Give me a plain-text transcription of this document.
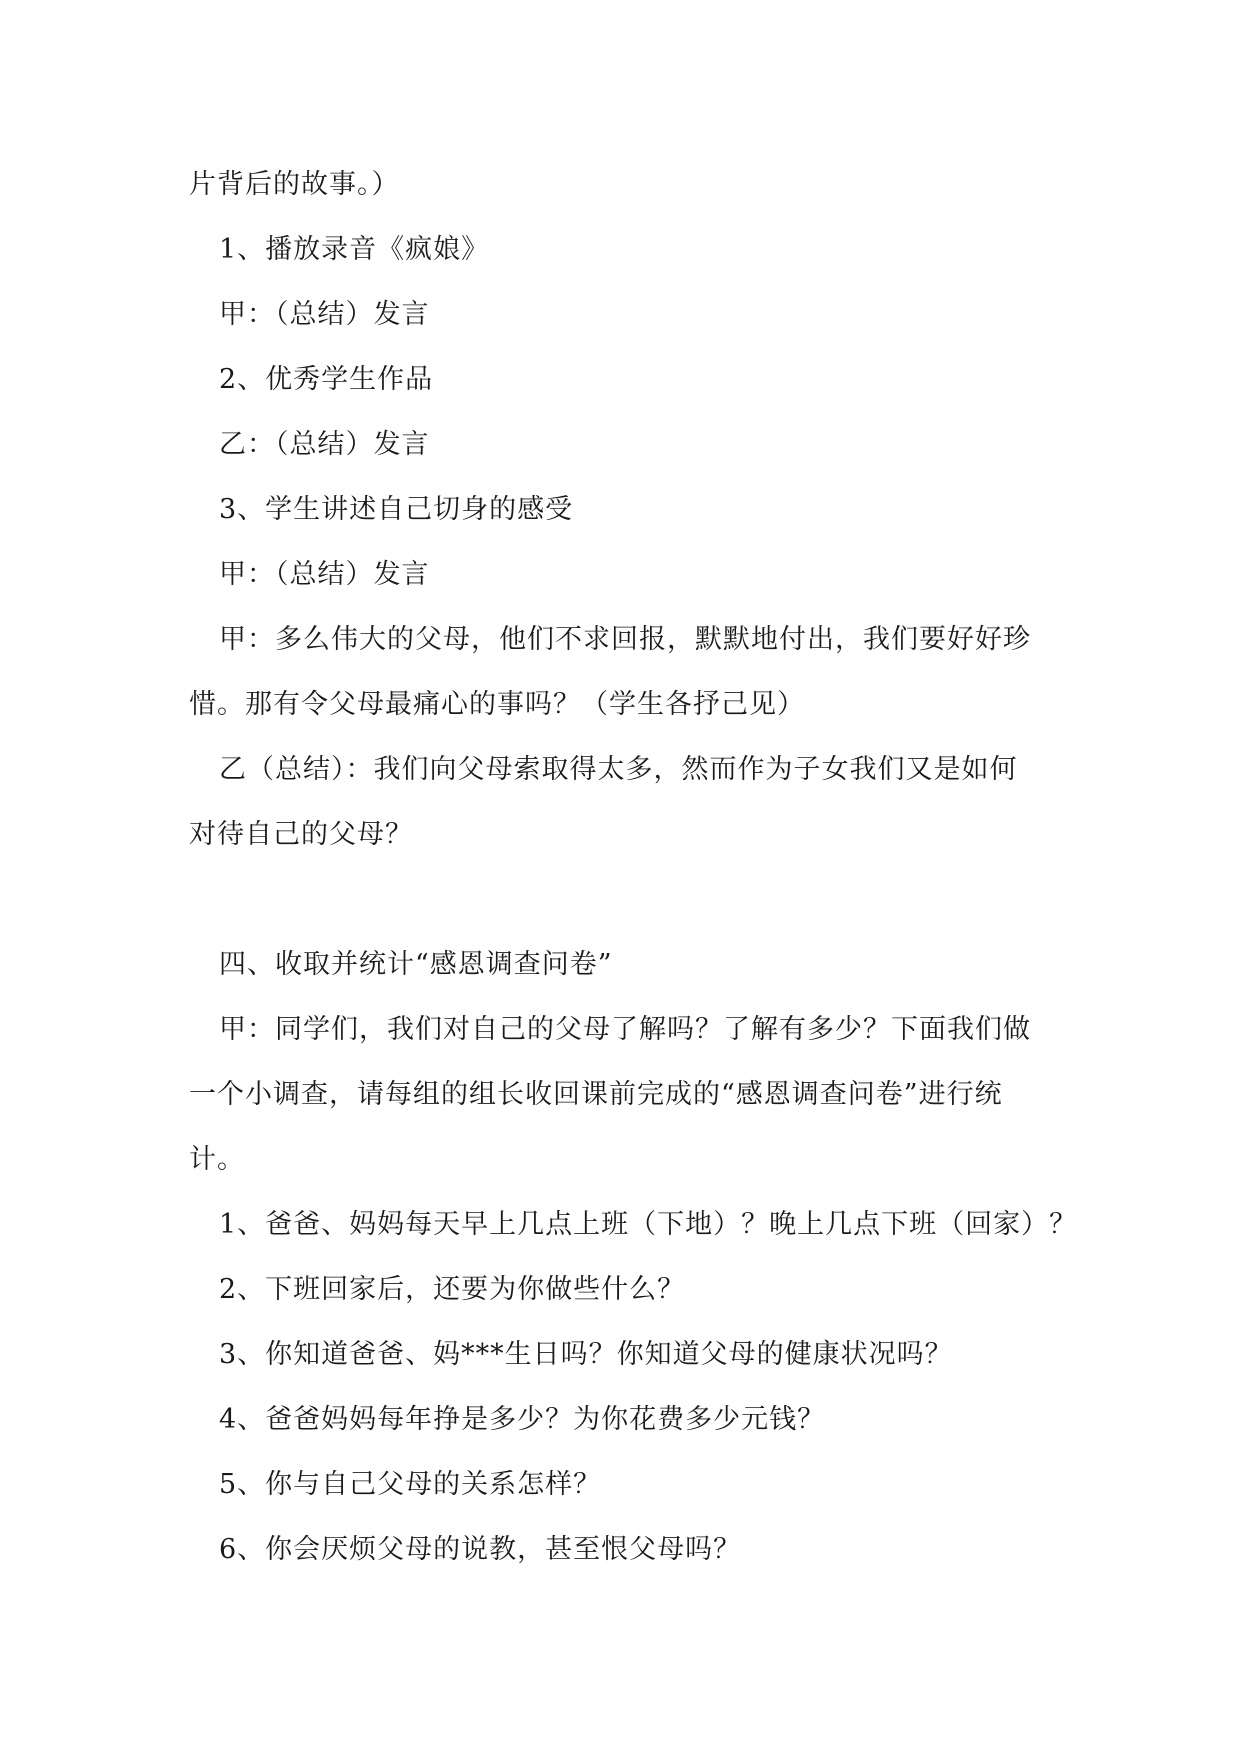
片背后的故事。）
1、播放录音《疯娘》
甲：（总结）发言
2、优秀学生作品
乙：（总结）发言
3、学生讲述自己切身的感受
甲：（总结）发言
甲：多么伟大的父母，他们不求回报，默默地付出，我们要好好珍
惜。那有令父母最痛心的事吗？（学生各抒己见）
乙（总结）：我们向父母索取得太多，然而作为子女我们又是如何
对待自己的父母？
四、收取并统计“感恩调查问卷”
甲：同学们，我们对自己的父母了解吗？了解有多少？下面我们做
一个小调查，请每组的组长收回课前完成的“感恩调查问卷”进行统
计。
1、爸爸、妈妈每天早上几点上班（下地）？晚上几点下班（回家）？
2、下班回家后，还要为你做些什么？
3、你知道爸爸、妈***生日吗？你知道父母的健康状况吗？
4、爸爸妈妈每年挣是多少？为你花费多少元钱？
5、你与自己父母的关系怎样？
6、你会厌烦父母的说教，甚至恨父母吗？
